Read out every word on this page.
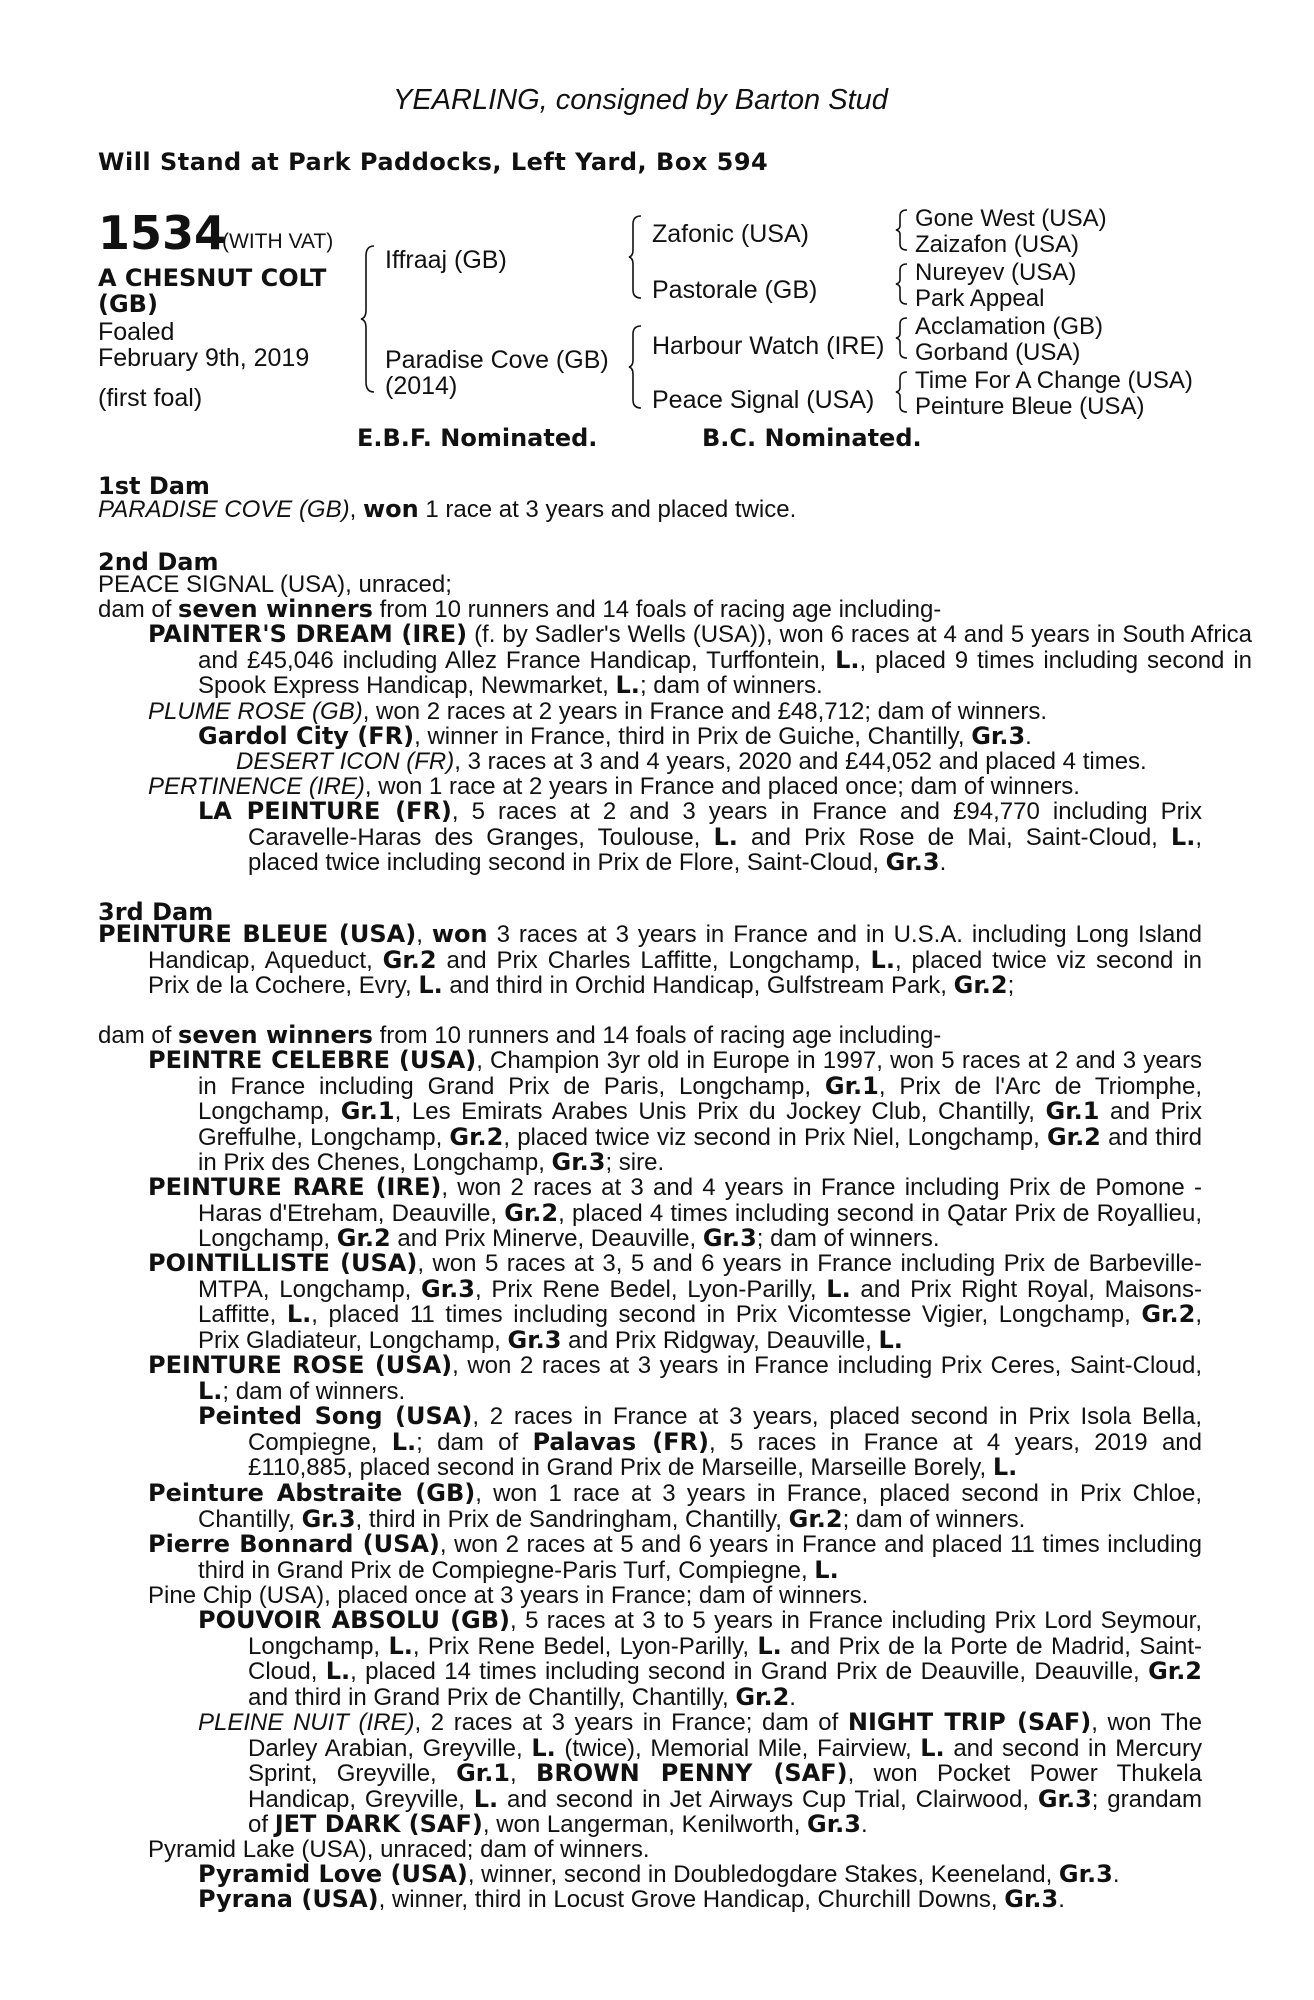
YEARLING, consigned by Barton Stud
Will Stand at Park Paddocks, Left Yard, Box 594
1534
(WITH VAT)
A CHESNUT COLT
(GB)
Foaled
February 9th, 2019
(first foal)
Iffraaj (GB)
Paradise Cove (GB)
(2014)
Zafonic (USA)
Pastorale (GB)
Harbour Watch (IRE)
Peace Signal (USA)
Gone West (USA)
Zaizafon (USA)
Nureyev (USA)
Park Appeal
Acclamation (GB)
Gorband (USA)
Time For A Change (USA)
Peinture Bleue (USA)
E.B.F. Nominated.	B.C. Nominated.
1st Dam
PARADISE COVE (GB), won 1 race at 3 years and placed twice.
2nd Dam
PEACE SIGNAL (USA), unraced;
dam of seven winners from 10 runners and 14 foals of racing age including-
PAINTER'S DREAM (IRE) (f. by Sadler's Wells (USA)), won 6 races at 4 and 5 years in South Africa and £45,046 including Allez France Handicap, Turffontein, L., placed 9 times including second in Spook Express Handicap, Newmarket, L.; dam of winners.
PLUME ROSE (GB), won 2 races at 2 years in France and £48,712; dam of winners.
Gardol City (FR), winner in France, third in Prix de Guiche, Chantilly, Gr.3.
DESERT ICON (FR), 3 races at 3 and 4 years, 2020 and £44,052 and placed 4 times.
PERTINENCE (IRE), won 1 race at 2 years in France and placed once; dam of winners.
LA PEINTURE (FR), 5 races at 2 and 3 years in France and £94,770 including Prix Caravelle-Haras des Granges, Toulouse, L. and Prix Rose de Mai, Saint-Cloud, L., placed twice including second in Prix de Flore, Saint-Cloud, Gr.3.
3rd Dam
PEINTURE BLEUE (USA), won 3 races at 3 years in France and in U.S.A. including Long Island Handicap, Aqueduct, Gr.2 and Prix Charles Laffitte, Longchamp, L., placed twice viz second in Prix de la Cochere, Evry, L. and third in Orchid Handicap, Gulfstream Park, Gr.2;
dam of seven winners from 10 runners and 14 foals of racing age including-
PEINTRE CELEBRE (USA), Champion 3yr old in Europe in 1997, won 5 races at 2 and 3 years in France including Grand Prix de Paris, Longchamp, Gr.1, Prix de l'Arc de Triomphe, Longchamp, Gr.1, Les Emirats Arabes Unis Prix du Jockey Club, Chantilly, Gr.1 and Prix Greffulhe, Longchamp, Gr.2, placed twice viz second in Prix Niel, Longchamp, Gr.2 and third in Prix des Chenes, Longchamp, Gr.3; sire.
PEINTURE RARE (IRE), won 2 races at 3 and 4 years in France including Prix de Pomone - Haras d'Etreham, Deauville, Gr.2, placed 4 times including second in Qatar Prix de Royallieu, Longchamp, Gr.2 and Prix Minerve, Deauville, Gr.3; dam of winners.
POINTILLISTE (USA), won 5 races at 3, 5 and 6 years in France including Prix de Barbeville-MTPA, Longchamp, Gr.3, Prix Rene Bedel, Lyon-Parilly, L. and Prix Right Royal, Maisons-Laffitte, L., placed 11 times including second in Prix Vicomtesse Vigier, Longchamp, Gr.2, Prix Gladiateur, Longchamp, Gr.3 and Prix Ridgway, Deauville, L.
PEINTURE ROSE (USA), won 2 races at 3 years in France including Prix Ceres, Saint-Cloud, L.; dam of winners.
Peinted Song (USA), 2 races in France at 3 years, placed second in Prix Isola Bella, Compiegne, L.; dam of Palavas (FR), 5 races in France at 4 years, 2019 and £110,885, placed second in Grand Prix de Marseille, Marseille Borely, L.
Peinture Abstraite (GB), won 1 race at 3 years in France, placed second in Prix Chloe, Chantilly, Gr.3, third in Prix de Sandringham, Chantilly, Gr.2; dam of winners.
Pierre Bonnard (USA), won 2 races at 5 and 6 years in France and placed 11 times including third in Grand Prix de Compiegne-Paris Turf, Compiegne, L.
Pine Chip (USA), placed once at 3 years in France; dam of winners.
POUVOIR ABSOLU (GB), 5 races at 3 to 5 years in France including Prix Lord Seymour, Longchamp, L., Prix Rene Bedel, Lyon-Parilly, L. and Prix de la Porte de Madrid, Saint-Cloud, L., placed 14 times including second in Grand Prix de Deauville, Deauville, Gr.2 and third in Grand Prix de Chantilly, Chantilly, Gr.2.
PLEINE NUIT (IRE), 2 races at 3 years in France; dam of NIGHT TRIP (SAF), won The Darley Arabian, Greyville, L. (twice), Memorial Mile, Fairview, L. and second in Mercury Sprint, Greyville, Gr.1, BROWN PENNY (SAF), won Pocket Power Thukela Handicap, Greyville, L. and second in Jet Airways Cup Trial, Clairwood, Gr.3; grandam of JET DARK (SAF), won Langerman, Kenilworth, Gr.3.
Pyramid Lake (USA), unraced; dam of winners.
Pyramid Love (USA), winner, second in Doubledogdare Stakes, Keeneland, Gr.3.
Pyrana (USA), winner, third in Locust Grove Handicap, Churchill Downs, Gr.3.
